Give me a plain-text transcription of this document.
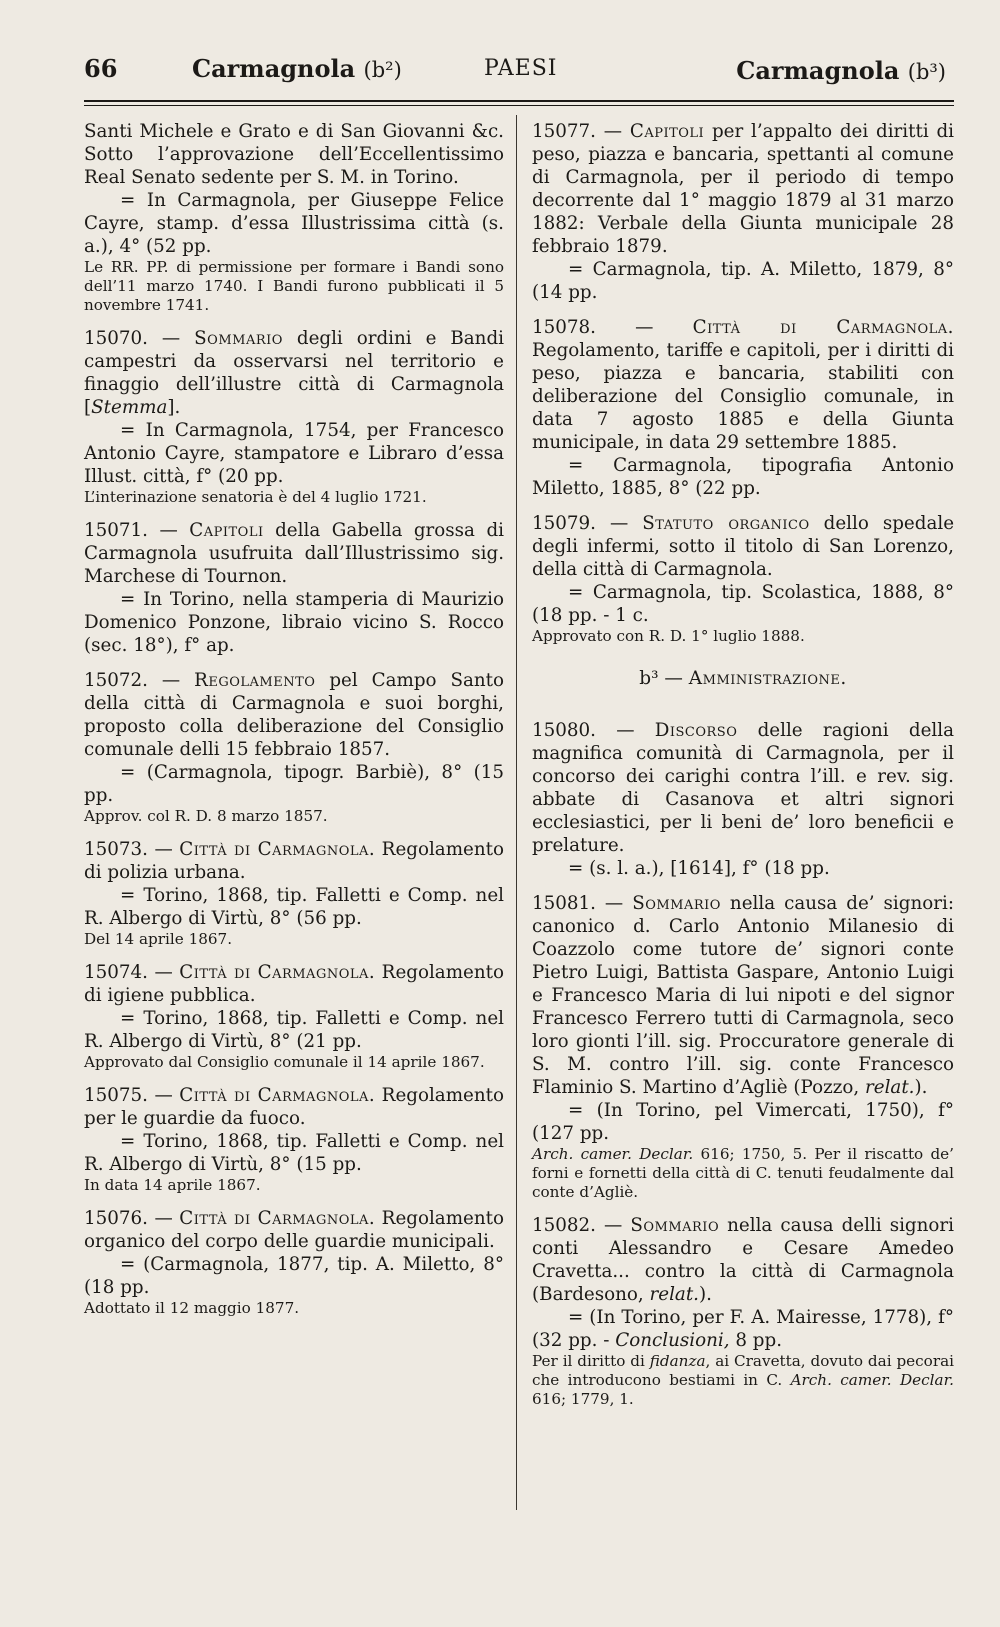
66	Carmagnola (b²)	PAESI	Carmagnola (b³)

Santi Michele e Grato e di San Giovanni &c. Sotto l’approvazione dell’Eccellentissimo Real Senato sedente per S. M. in Torino.

= In Carmagnola, per Giuseppe Felice Cayre, stamp. d’essa Illustrissima città (s. a.), 4° (52 pp.

Le RR. PP. di permissione per formare i Bandi sono dell’11 marzo 1740. I Bandi furono pubblicati il 5 novembre 1741.

15070. — Sommario degli ordini e Bandi campestri da osservarsi nel territorio e finaggio dell’illustre città di Carmagnola [Stemma].

= In Carmagnola, 1754, per Francesco Antonio Cayre, stampatore e Libraro d’essa Illust. città, f° (20 pp.

L’interinazione senatoria è del 4 luglio 1721.

15071. — Capitoli della Gabella grossa di Carmagnola usufruita dall’Illustrissimo sig. Marchese di Tournon.

= In Torino, nella stamperia di Maurizio Domenico Ponzone, libraio vicino S. Rocco (sec. 18°), f° ap.

15072. — Regolamento pel Campo Santo della città di Carmagnola e suoi borghi, proposto colla deliberazione del Consiglio comunale delli 15 febbraio 1857.

= (Carmagnola, tipogr. Barbiè), 8° (15 pp.

Approv. col R. D. 8 marzo 1857.

15073. — Città di Carmagnola. Regolamento di polizia urbana.

= Torino, 1868, tip. Falletti e Comp. nel R. Albergo di Virtù, 8° (56 pp.

Del 14 aprile 1867.

15074. — Città di Carmagnola. Regolamento di igiene pubblica.

= Torino, 1868, tip. Falletti e Comp. nel R. Albergo di Virtù, 8° (21 pp.

Approvato dal Consiglio comunale il 14 aprile 1867.

15075. — Città di Carmagnola. Regolamento per le guardie da fuoco.

= Torino, 1868, tip. Falletti e Comp. nel R. Albergo di Virtù, 8° (15 pp.

In data 14 aprile 1867.

15076. — Città di Carmagnola. Regolamento organico del corpo delle guardie municipali.

= (Carmagnola, 1877, tip. A. Miletto, 8° (18 pp.

Adottato il 12 maggio 1877.

15077. — Capitoli per l’appalto dei diritti di peso, piazza e bancaria, spettanti al comune di Carmagnola, per il periodo di tempo decorrente dal 1° maggio 1879 al 31 marzo 1882: Verbale della Giunta municipale 28 febbraio 1879.

= Carmagnola, tip. A. Miletto, 1879, 8° (14 pp.

15078. — Città di Carmagnola. Regolamento, tariffe e capitoli, per i diritti di peso, piazza e bancaria, stabiliti con deliberazione del Consiglio comunale, in data 7 agosto 1885 e della Giunta municipale, in data 29 settembre 1885.

= Carmagnola, tipografia Antonio Miletto, 1885, 8° (22 pp.

15079. — Statuto organico dello spedale degli infermi, sotto il titolo di San Lorenzo, della città di Carmagnola.

= Carmagnola, tip. Scolastica, 1888, 8° (18 pp. - 1 c.

Approvato con R. D. 1° luglio 1888.

b³ — Amministrazione.

15080. — Discorso delle ragioni della magnifica comunità di Carmagnola, per il concorso dei carighi contra l’ill. e rev. sig. abbate di Casanova et altri signori ecclesiastici, per li beni de’ loro beneficii e prelature.

= (s. l. a.), [1614], f° (18 pp.

15081. — Sommario nella causa de’ signori: canonico d. Carlo Antonio Milanesio di Coazzolo come tutore de’ signori conte Pietro Luigi, Battista Gaspare, Antonio Luigi e Francesco Maria di lui nipoti e del signor Francesco Ferrero tutti di Carmagnola, seco loro gionti l’ill. sig. Proccuratore generale di S. M. contro l’ill. sig. conte Francesco Flaminio S. Martino d’Agliè (Pozzo, relat.).

= (In Torino, pel Vimercati, 1750), f° (127 pp.

Arch. camer. Declar. 616; 1750, 5. Per il riscatto de’ forni e fornetti della città di C. tenuti feudalmente dal conte d’Agliè.

15082. — Sommario nella causa delli signori conti Alessandro e Cesare Amedeo Cravetta... contro la città di Carmagnola (Bardesono, relat.).

= (In Torino, per F. A. Mairesse, 1778), f° (32 pp. - Conclusioni, 8 pp.

Per il diritto di fidanza, ai Cravetta, dovuto dai pecorai che introducono bestiami in C. Arch. camer. Declar. 616; 1779, 1.
